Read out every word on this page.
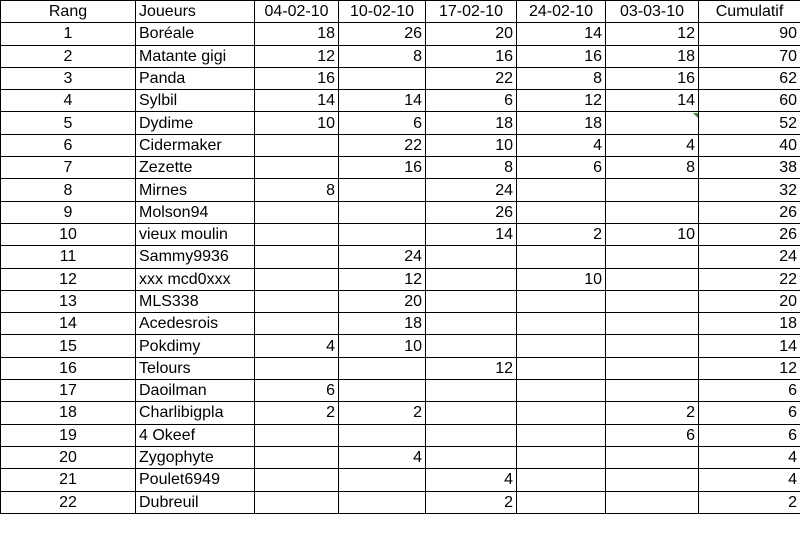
Rang	Joueurs	04-02-10	10-02-10	17-02-10	24-02-10	03-03-10	Cumulatif
1	Boréale	18	26	20	14	12	90
2	Matante gigi	12	8	16	16	18	70
3	Panda	16		22	8	16	62
4	Sylbil	14	14	6	12	14	60
5	Dydime	10	6	18	18		52
6	Cidermaker		22	10	4	4	40
7	Zezette		16	8	6	8	38
8	Mirnes	8		24			32
9	Molson94			26			26
10	vieux moulin			14	2	10	26
11	Sammy9936		24				24
12	xxx mcd0xxx		12		10		22
13	MLS338		20				20
14	Acedesrois		18				18
15	Pokdimy	4	10				14
16	Telours			12			12
17	Daoilman	6					6
18	Charlibigpla	2	2			2	6
19	4 Okeef					6	6
20	Zygophyte		4				4
21	Poulet6949			4			4
22	Dubreuil			2			2
